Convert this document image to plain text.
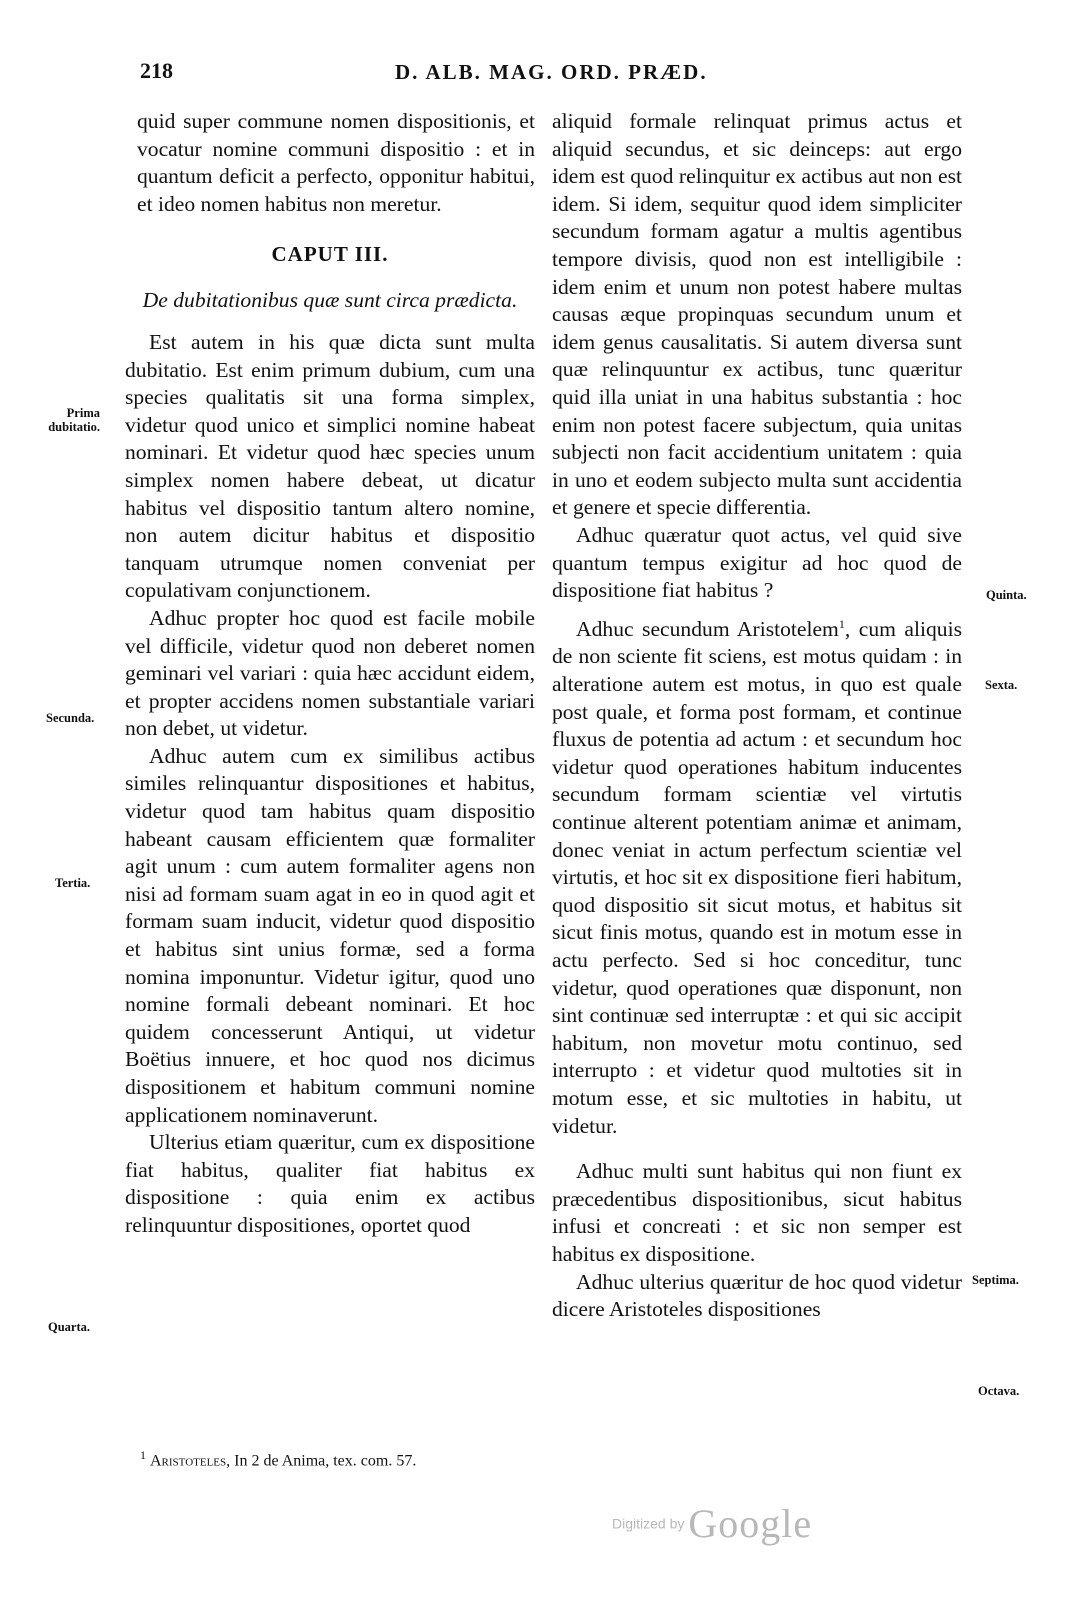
218	D. ALB. MAG. ORD. PRÆD.

quid super commune nomen dispositionis, et vocatur nomine communi dispositio : et in quantum deficit a perfecto, opponitur habitui, et ideo nomen habitus non meretur.

CAPUT III.
De dubitationibus quæ sunt circa prædicta.

Est autem in his quæ dicta sunt multa dubitatio. Est enim primum dubium, cum una species qualitatis sit una forma simplex, videtur quod unico et simplici nomine habeat nominari. Et videtur quod hæc species unum simplex nomen habere debeat, ut dicatur habitus vel dispositio tantum altero nomine, non autem dicitur habitus et dispositio tanquam utrumque nomen conveniat per copulativam conjunctionem.

Adhuc propter hoc quod est facile mobile vel difficile, videtur quod non deberet nomen geminari vel variari : quia hæc accidunt eidem, et propter accidens nomen substantiale variari non debet, ut videtur.

Adhuc autem cum ex similibus actibus similes relinquantur dispositiones et habitus, videtur quod tam habitus quam dispositio habeant causam efficientem quæ formaliter agit unum : cum autem formaliter agens non nisi ad formam suam agat in eo in quod agit et formam suam inducit, videtur quod dispositio et habitus sint unius formæ, sed a forma nomina imponuntur. Videtur igitur, quod uno nomine formali debeant nominari. Et hoc quidem concesserunt Antiqui, ut videtur Boëtius innuere, et hoc quod nos dicimus dispositionem et habitum communi nomine applicationem nominaverunt.

Ulterius etiam quæritur, cum ex dispositione fiat habitus, qualiter fiat habitus ex dispositione : quia enim ex actibus relinquuntur dispositiones, oportet quod

aliquid formale relinquat primus actus et aliquid secundus, et sic deinceps: aut ergo idem est quod relinquitur ex actibus aut non est idem. Si idem, sequitur quod idem simpliciter secundum formam agatur a multis agentibus tempore divisis, quod non est intelligibile : idem enim et unum non potest habere multas causas æque propinquas secundum unum et idem genus causalitatis. Si autem diversa sunt quæ relinquuntur ex actibus, tunc quæritur quid illa uniat in una habitus substantia : hoc enim non potest facere subjectum, quia unitas subjecti non facit accidentium unitatem : quia in uno et eodem subjecto multa sunt accidentia et genere et specie differentia.

Adhuc quæratur quot actus, vel quid sive quantum tempus exigitur ad hoc quod de dispositione fiat habitus ?

Adhuc secundum Aristotelem$^1$, cum aliquis de non sciente fit sciens, est motus quidam : in alteratione autem est motus, in quo est quale post quale, et forma post formam, et continue fluxus de potentia ad actum : et secundum hoc videtur quod operationes habitum inducentes secundum formam scientiæ vel virtutis continue alterent potentiam animæ et animam, donec veniat in actum perfectum scientiæ vel virtutis, et hoc sit ex dispositione fieri habitum, quod dispositio sit sicut motus, et habitus sit sicut finis motus, quando est in motum esse in actu perfecto. Sed si hoc conceditur, tunc videtur, quod operationes quæ disponunt, non sint continuæ sed interruptæ : et qui sic accipit habitum, non movetur motu continuo, sed interrupto : et videtur quod multoties sit in motum esse, et sic multoties in habitu, ut videtur.

Adhuc multi sunt habitus qui non fiunt ex præcedentibus dispositionibus, sicut habitus infusi et concreati : et sic non semper est habitus ex dispositione.

Adhuc ulterius quæritur de hoc quod videtur dicere Aristoteles dispositiones

Prima dubitatio.
Secunda.
Tertia.
Quarta.
Quinta.
Sexta.
Septima.
Octava.
$^1$ Aristoteles, In 2 de Anima, tex. com. 57.
Digitized by Google
